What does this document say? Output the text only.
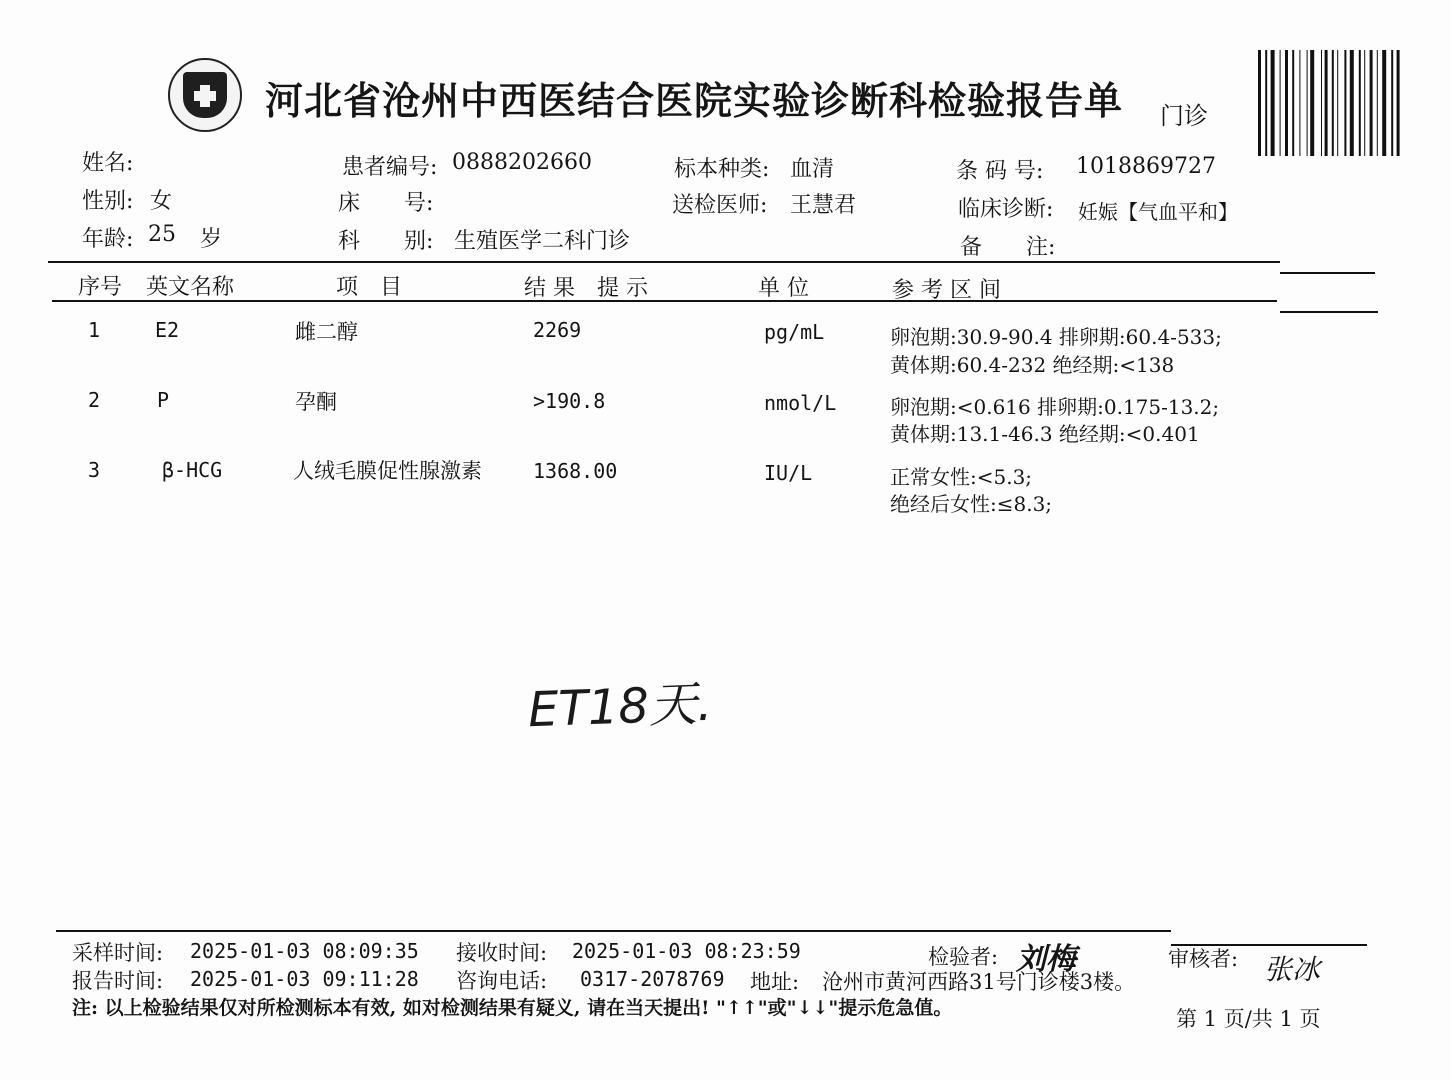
河北省沧州中西医结合医院实验诊断科检验报告单 门诊
姓名:
性别: 女
年龄: 25 岁
患者编号: 0888202660
床　　号:
科　　别: 生殖医学二科门诊
标本种类: 血清
送检医师: 王慧君
条 码 号: 1018869727
临床诊断: 妊娠【气血平和】
备　　注:
序号 英文名称	项　目	结 果　提 示	单 位	参 考 区 间
1	E2	雌二醇	2269	pg/mL	卵泡期:30.9-90.4 排卵期:60.4-533;
黄体期:60.4-232 绝经期:<138
2	P	孕酮	>190.8	nmol/L	卵泡期:<0.616 排卵期:0.175-13.2;
黄体期:13.1-46.3 绝经期:<0.401
3	β-HCG	人绒毛膜促性腺激素	1368.00	IU/L	正常女性:<5.3;
绝经后女性:≤8.3;
ET18天.
采样时间: 2025-01-03 08:09:35 接收时间: 2025-01-03 08:23:59	检验者: 刘梅	审核者: 张冰
报告时间: 2025-01-03 09:11:28 咨询电话: 0317-2078769 地址: 沧州市黄河西路31号门诊楼3楼。
注: 以上检验结果仅对所检测标本有效, 如对检测结果有疑义, 请在当天提出! "↑↑"或"↓↓"提示危急值。	第 1 页/共 1 页
